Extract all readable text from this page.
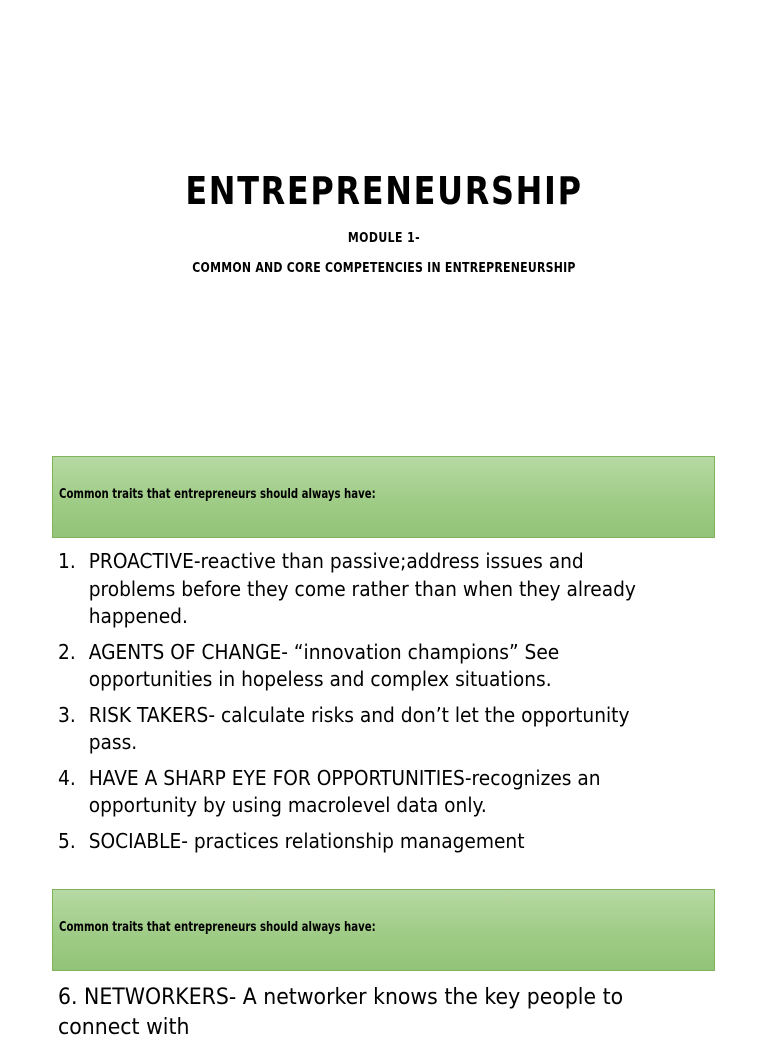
ENTREPRENEURSHIP
MODULE 1-
COMMON AND CORE COMPETENCIES IN ENTREPRENEURSHIP
Common traits that entrepreneurs should always have:
1. PROACTIVE-reactive than passive;address issues and problems before they come rather than when they already happened.
2. AGENTS OF CHANGE- “innovation champions” See opportunities in hopeless and complex situations.
3. RISK TAKERS- calculate risks and don’t let the opportunity pass.
4. HAVE A SHARP EYE FOR OPPORTUNITIES-recognizes an opportunity by using macrolevel data only.
5. SOCIABLE- practices relationship management
Common traits that entrepreneurs should always have:
6. NETWORKERS- A networker knows the key people to
connect with
